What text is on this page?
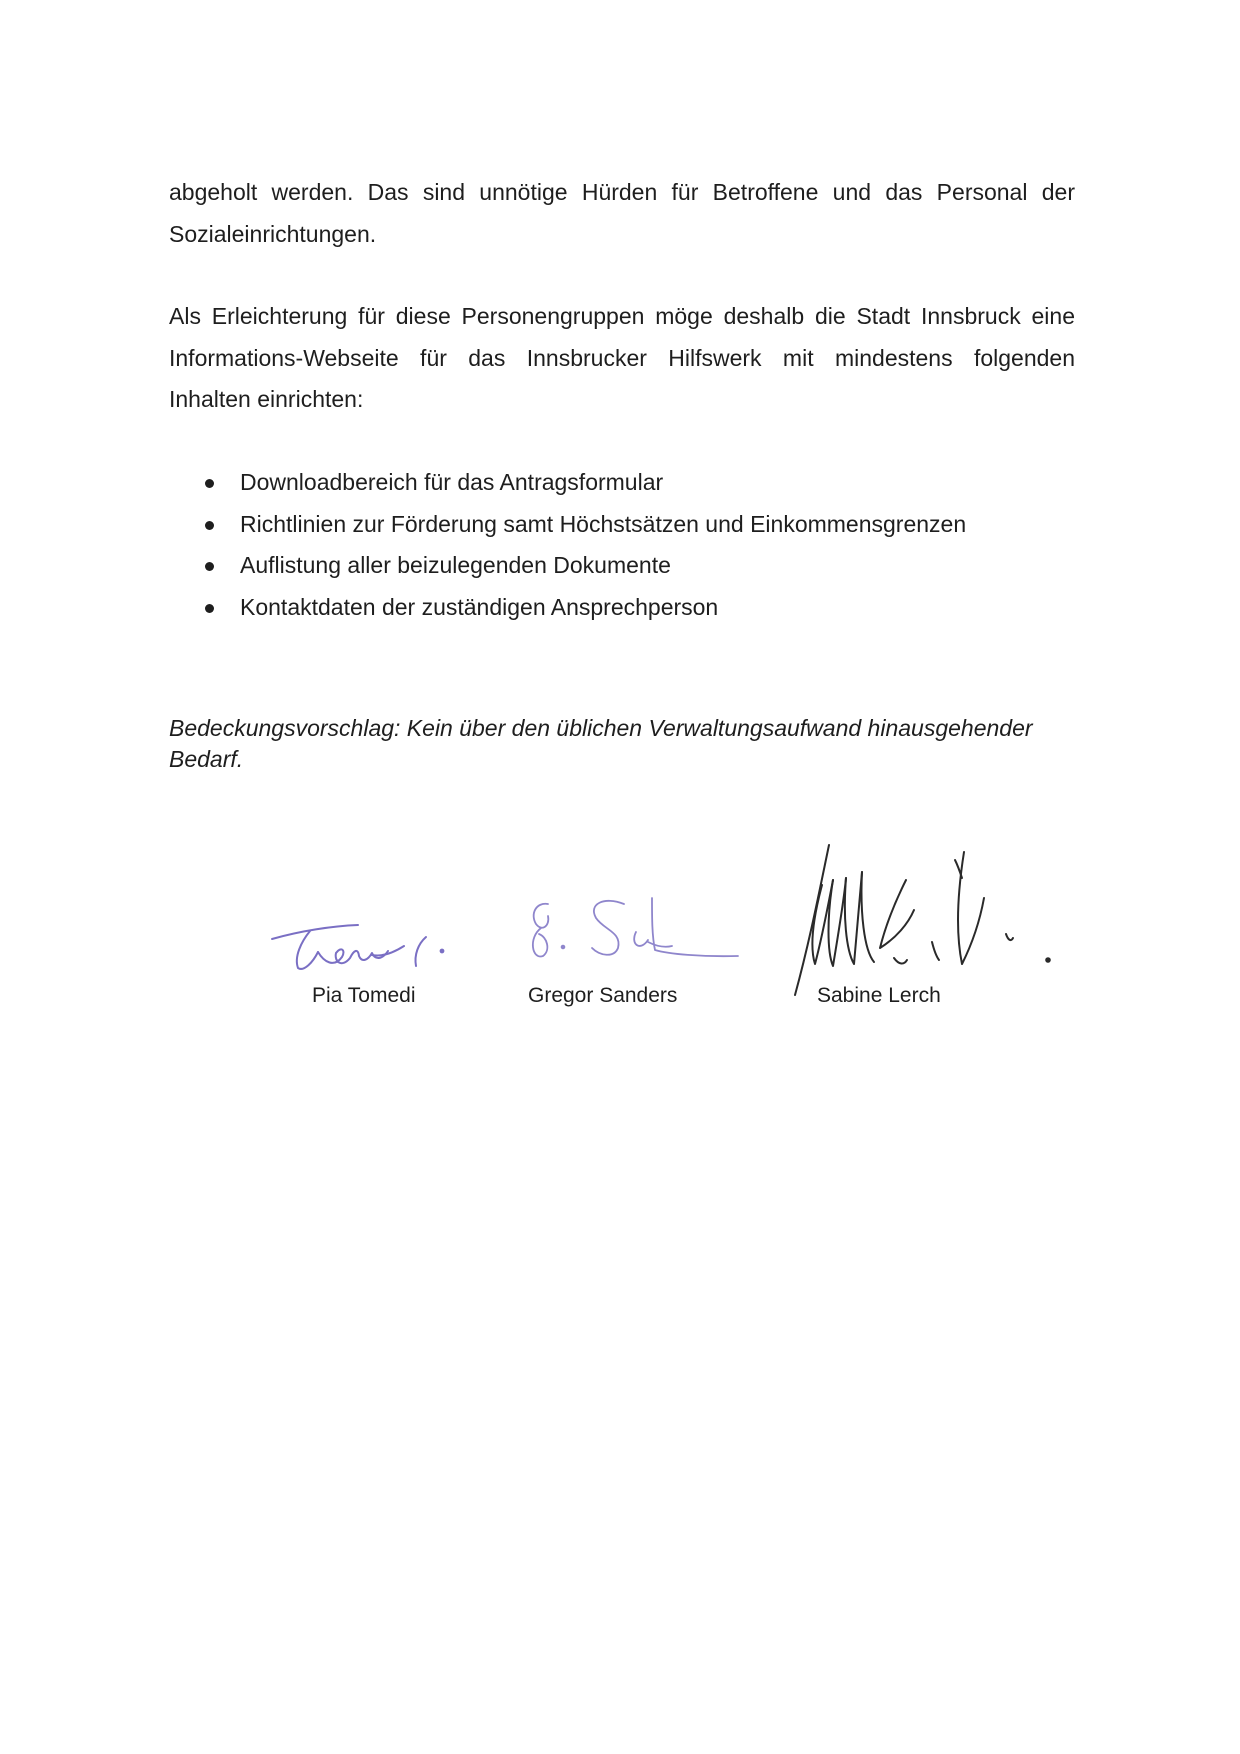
abgeholt werden. Das sind unnötige Hürden für Betroffene und das Personal der
Sozialeinrichtungen.

Als Erleichterung für diese Personengruppen möge deshalb die Stadt Innsbruck eine
Informations-Webseite für das Innsbrucker Hilfswerk mit mindestens folgenden
Inhalten einrichten:

Downloadbereich für das Antragsformular
Richtlinien zur Förderung samt Höchstsätzen und Einkommensgrenzen
Auflistung aller beizulegenden Dokumente
Kontaktdaten der zuständigen Ansprechperson

Bedeckungsvorschlag: Kein über den üblichen Verwaltungsaufwand hinausgehender
Bedarf.

Pia Tomedi	Gregor Sanders	Sabine Lerch
